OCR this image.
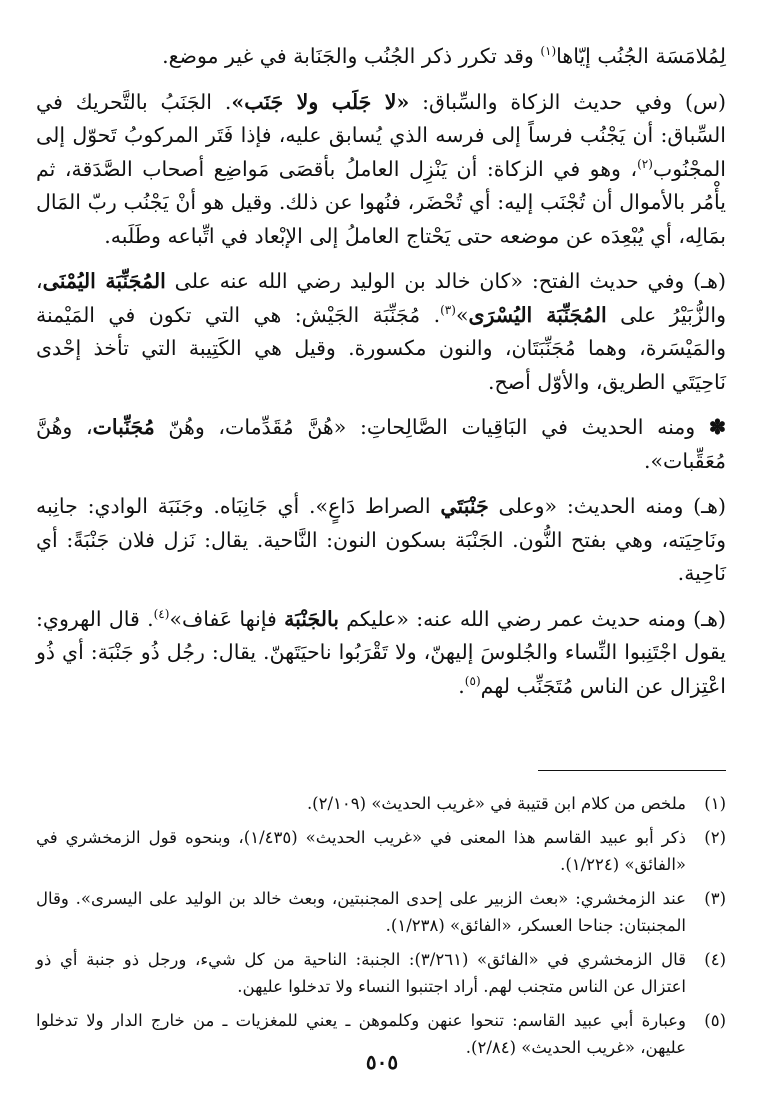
لِمُلامَسَة الجُنُب إيّاها$^{(١)}$ وقد تكرر ذكر الجُنُب والجَنَابة في غير موضع.

(س) وفي حديث الزكاة والسِّباق: «لا جَلَب ولا جَنَب». الجَنَبُ بالتَّحريك في السِّباق: أن يَجْنُب فرساً إلى فرسه الذي يُسابق عليه، فإذا فَتَر المركوبُ تَحوّل إلى المجْنُوب$^{(٢)}$، وهو في الزكاة: أن يَنْزِل العاملُ بأقصَى مَواضِع أصحاب الصَّدَقة، ثم يأْمُر بالأموال أن تُجْنَب إليه: أي تُحْضَر، فنُهوا عن ذلك. وقيل هو أنْ يَجْنُب ربّ المَال بمَالِه، أي يُبْعِدَه عن موضعه حتى يَحْتاج العاملُ إلى الإبْعاد في اتِّباعه وطَلَبه.

(هـ) وفي حديث الفتح: «كان خالد بن الوليد رضي الله عنه على المُجَنِّبَة اليُمْنَى، والزُّبَيْرُ على المُجَنِّبَة اليُسْرَى»$^{(٣)}$. مُجَنِّبَة الجَيْش: هي التي تكون في المَيْمنة والمَيْسَرة، وهما مُجَنِّبَتَان، والنون مكسورة. وقيل هي الكَتِيبة التي تأخذ إحْدى نَاحِيَتَي الطريق، والأوّل أصح.

✽ ومنه الحديث في البَاقِيات الصَّالِحاتِ: «هُنَّ مُقَدِّمات، وهُنّ مُجَنِّبات، وهُنَّ مُعَقِّبات».

(هـ) ومنه الحديث: «وعلى جَنْبَتَي الصراط دَاعٍ». أي جَانِبَاه. وجَنَبَة الوادي: جانِبه ونَاحِيَته، وهي بفتح النُّون. الجَنْبَة بسكون النون: النَّاحية. يقال: نَزل فلان جَنْبَةً: أي نَاحِية.

(هـ) ومنه حديث عمر رضي الله عنه: «عليكم بالجَنْبَة فإنها عَفاف»$^{(٤)}$. قال الهروي: يقول اجْتَنِبوا النِّساء والجُلوسَ إليهنّ، ولا تَقْرَبُوا ناحيَتَهنّ. يقال: رجُل ذُو جَنْبَة: أي ذُو اعْتِزال عن الناس مُتَجَنِّب لهم$^{(٥)}$.

(١)

ملخص من كلام ابن قتيبة في «غريب الحديث» (٢/١٠٩).

(٢)

ذكر أبو عبيد القاسم هذا المعنى في «غريب الحديث» (١/٤٣٥)، وبنحوه قول الزمخشري في «الفائق» (١/٢٢٤).

(٣)

عند الزمخشري: «بعث الزبير على إحدى المجنبتين، وبعث خالد بن الوليد على اليسرى». وقال المجنبتان: جناحا العسكر، «الفائق» (١/٢٣٨).

(٤)

قال الزمخشري في «الفائق» (٣/٢٦١): الجنبة: الناحية من كل شيء، ورجل ذو جنبة أي ذو اعتزال عن الناس متجنب لهم. أراد اجتنبوا النساء ولا تدخلوا عليهن.

(٥)

وعبارة أبي عبيد القاسم: تنحوا عنهن وكلموهن ـ يعني للمغزيات ـ من خارج الدار ولا تدخلوا عليهن، «غريب الحديث» (٢/٨٤).

٥٠٥
